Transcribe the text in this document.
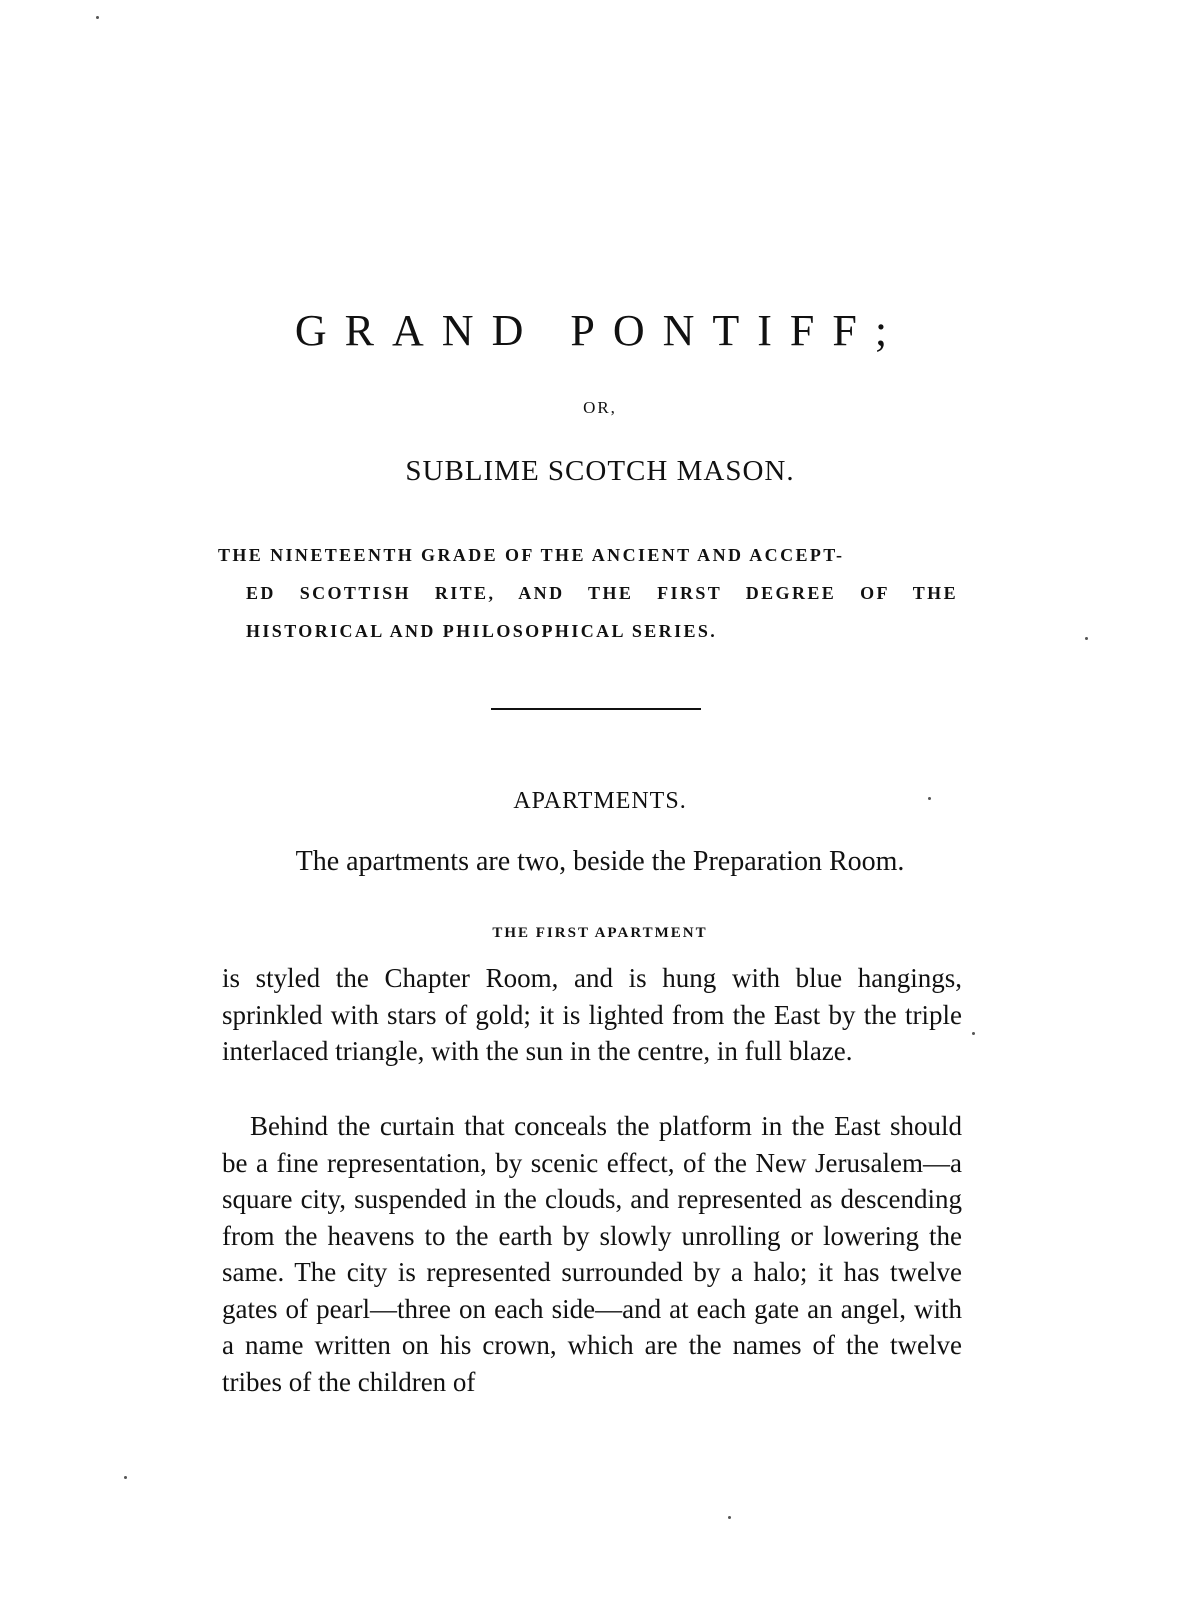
GRAND PONTIFF;
OR,
SUBLIME SCOTCH MASON.
THE NINETEENTH GRADE OF THE ANCIENT AND ACCEPT-
ED SCOTTISH RITE, AND THE FIRST DEGREE OF THE HISTORICAL AND PHILOSOPHICAL SERIES.
APARTMENTS.

The apartments are two, beside the Preparation Room.

THE FIRST APARTMENT

is styled the Chapter Room, and is hung with blue hangings, sprinkled with stars of gold; it is lighted from the East by the triple interlaced triangle, with the sun in the centre, in full blaze.

Behind the curtain that conceals the platform in the East should be a fine representation, by scenic effect, of the New Jerusalem—a square city, suspended in the clouds, and represented as descending from the heavens to the earth by slowly unrolling or lowering the same. The city is represented surrounded by a halo; it has twelve gates of pearl—three on each side—and at each gate an angel, with a name written on his crown, which are the names of the twelve tribes of the children of
